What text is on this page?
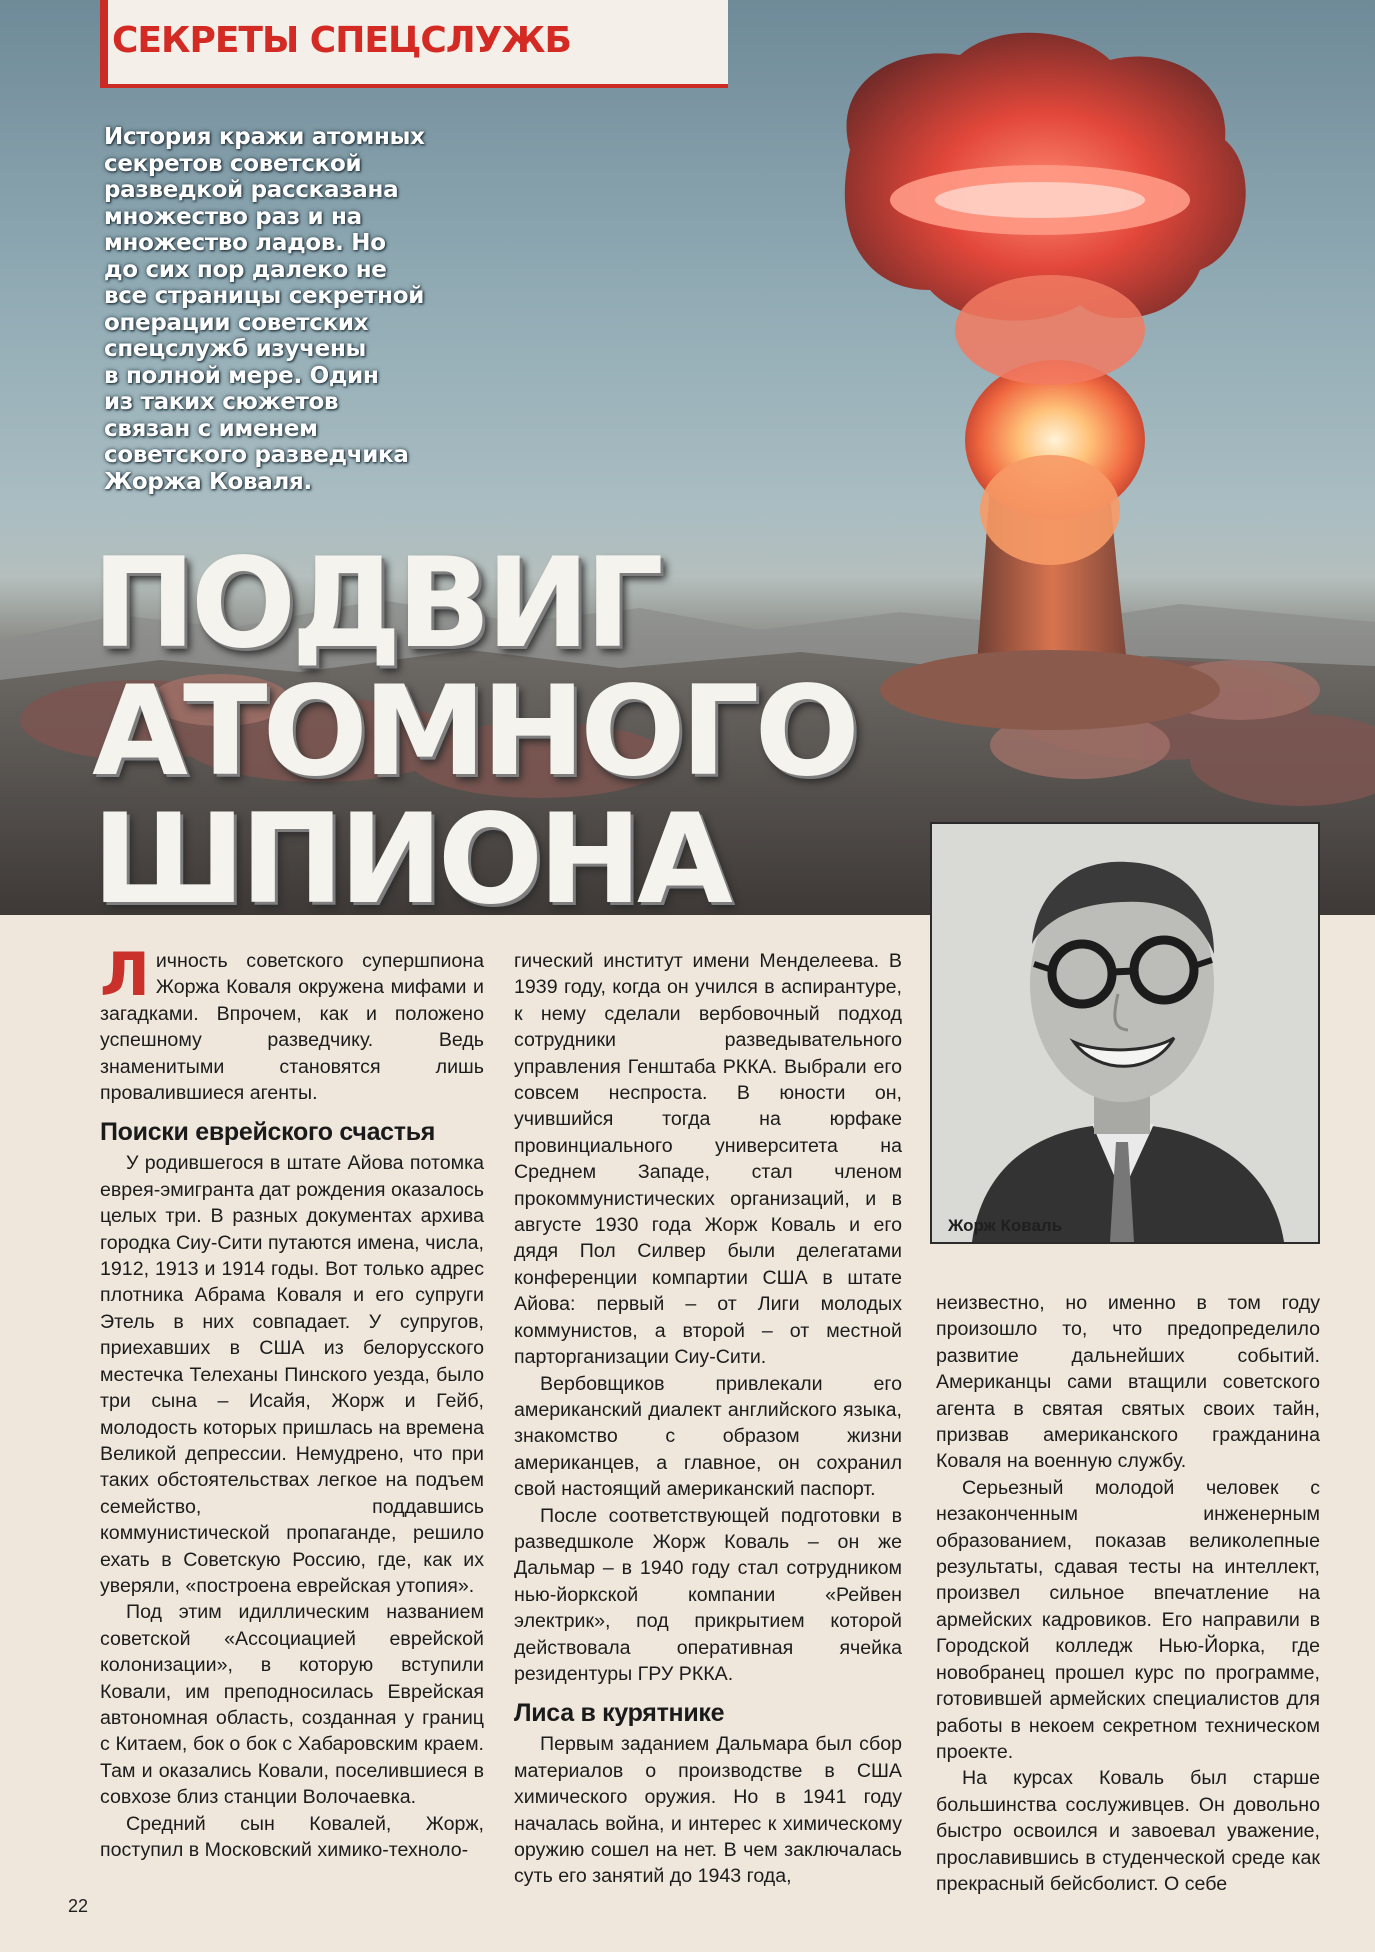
СЕКРЕТЫ СПЕЦСЛУЖБ

История кражи атомных
секретов советской
разведкой рассказана
множество раз и на
множество ладов. Но
до сих пор далеко не
все страницы секретной
операции советских
спецслужб изучены
в полной мере. Один
из таких сюжетов
связан с именем
советского разведчика
Жоржа Коваля.

ПОДВИГ
АТОМНОГО
ШПИОНА
Жорж Коваль

Личность советского супершпиона Жоржа Коваля окружена мифами и загадками. Впрочем, как и положено успешному разведчику. Ведь знаменитыми становятся лишь провалившиеся агенты.

Поиски еврейского счастья

У родившегося в штате Айова потомка еврея-эмигранта дат рождения оказалось целых три. В разных документах архива городка Сиу-Сити путаются имена, числа, 1912, 1913 и 1914 годы. Вот только адрес плотника Абрама Коваля и его супруги Этель в них совпадает. У супругов, приехавших в США из белорусского местечка Телеханы Пинского уезда, было три сына – Исайя, Жорж и Гейб, молодость которых пришлась на времена Великой депрессии. Немудрено, что при таких обстоятельствах легкое на подъем семейство, поддавшись коммунистической пропаганде, решило ехать в Советскую Россию, где, как их уверяли, «построена еврейская утопия».

Под этим идиллическим названием советской «Ассоциацией еврейской колонизации», в которую вступили Ковали, им преподносилась Еврейская автономная область, созданная у границ с Китаем, бок о бок с Хабаровским краем. Там и оказались Ковали, поселившиеся в совхозе близ станции Волочаевка.

Средний сын Ковалей, Жорж, поступил в Московский химико-техноло-

гический институт имени Менделеева. В 1939 году, когда он учился в аспирантуре, к нему сделали вербовочный подход сотрудники разведывательного управления Генштаба РККА. Выбрали его совсем неспроста. В юности он, учившийся тогда на юрфаке провинциального университета на Среднем Западе, стал членом прокоммунистических организаций, и в августе 1930 года Жорж Коваль и его дядя Пол Силвер были делегатами конференции компартии США в штате Айова: первый – от Лиги молодых коммунистов, а второй – от местной парторганизации Сиу-Сити.

Вербовщиков привлекали его американский диалект английского языка, знакомство с образом жизни американцев, а главное, он сохранил свой настоящий американский паспорт.

После соответствующей подготовки в разведшколе Жорж Коваль – он же Дальмар – в 1940 году стал сотрудником нью-йоркской компании «Рейвен электрик», под прикрытием которой действовала оперативная ячейка резидентуры ГРУ РККА.

Лиса в курятнике

Первым заданием Дальмара был сбор материалов о производстве в США химического оружия. Но в 1941 году началась война, и интерес к химическому оружию сошел на нет. В чем заключалась суть его занятий до 1943 года,

неизвестно, но именно в том году произошло то, что предопределило развитие дальнейших событий. Американцы сами втащили советского агента в святая святых своих тайн, призвав американского гражданина Коваля на военную службу.

Серьезный молодой человек с незаконченным инженерным образованием, показав великолепные результаты, сдавая тесты на интеллект, произвел сильное впечатление на армейских кадровиков. Его направили в Городской колледж Нью-Йорка, где новобранец прошел курс по программе, готовившей армейских специалистов для работы в некоем секретном техническом проекте.

На курсах Коваль был старше большинства сослуживцев. Он довольно быстро освоился и завоевал уважение, прославившись в студенческой среде как прекрасный бейсболист. О себе

22
